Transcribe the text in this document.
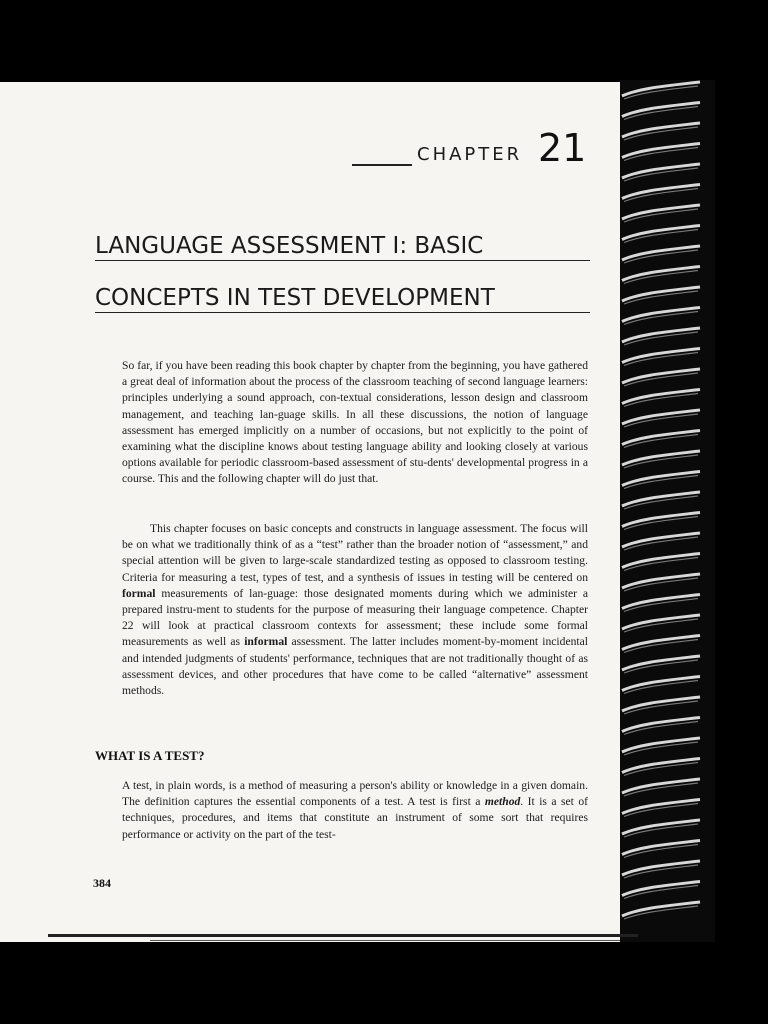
CHAPTER 21
LANGUAGE ASSESSMENT I: BASIC
CONCEPTS IN TEST DEVELOPMENT

So far, if you have been reading this book chapter by chapter from the beginning, you have gathered a great deal of information about the process of the classroom teaching of second language learners: principles underlying a sound approach, con-textual considerations, lesson design and classroom management, and teaching lan-guage skills. In all these discussions, the notion of language assessment has emerged implicitly on a number of occasions, but not explicitly to the point of examining what the discipline knows about testing language ability and looking closely at various options available for periodic classroom-based assessment of stu-dents' developmental progress in a course. This and the following chapter will do just that.

This chapter focuses on basic concepts and constructs in language assessment. The focus will be on what we traditionally think of as a “test” rather than the broader notion of “assessment,” and special attention will be given to large-scale standardized testing as opposed to classroom testing. Criteria for measuring a test, types of test, and a synthesis of issues in testing will be centered on formal measurements of lan-guage: those designated moments during which we administer a prepared instru-ment to students for the purpose of measuring their language competence. Chapter 22 will look at practical classroom contexts for assessment; these include some formal measurements as well as informal assessment. The latter includes moment-by-moment incidental and intended judgments of students' performance, techniques that are not traditionally thought of as assessment devices, and other procedures that have come to be called “alternative” assessment methods.

WHAT IS A TEST?

A test, in plain words, is a method of measuring a person's ability or knowledge in a given domain. The definition captures the essential components of a test. A test is first a method. It is a set of techniques, procedures, and items that constitute an instrument of some sort that requires performance or activity on the part of the test-

384
